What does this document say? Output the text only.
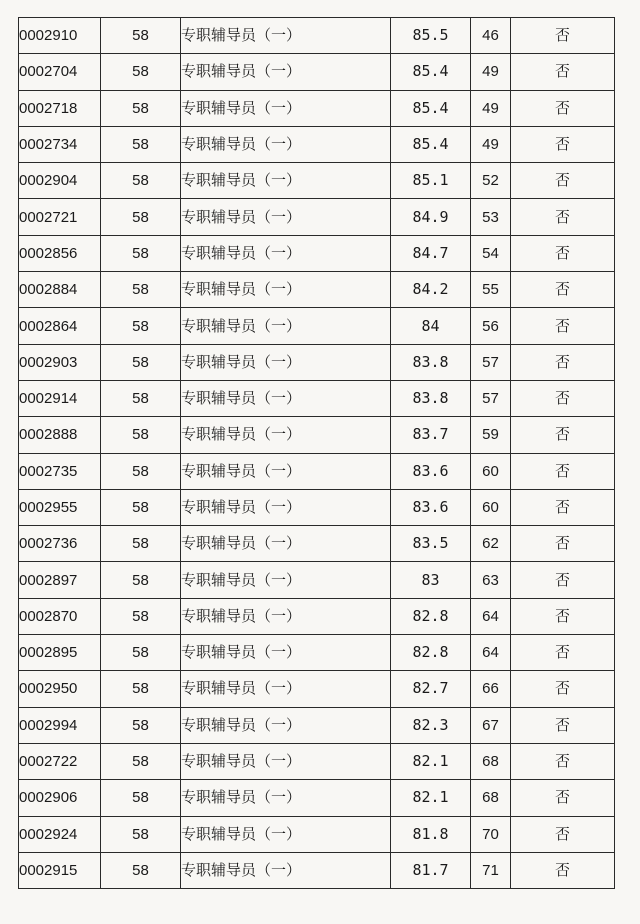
0002910	58	专职辅导员（一）	85.5	46	否
0002704	58	专职辅导员（一）	85.4	49	否
0002718	58	专职辅导员（一）	85.4	49	否
0002734	58	专职辅导员（一）	85.4	49	否
0002904	58	专职辅导员（一）	85.1	52	否
0002721	58	专职辅导员（一）	84.9	53	否
0002856	58	专职辅导员（一）	84.7	54	否
0002884	58	专职辅导员（一）	84.2	55	否
0002864	58	专职辅导员（一）	84	56	否
0002903	58	专职辅导员（一）	83.8	57	否
0002914	58	专职辅导员（一）	83.8	57	否
0002888	58	专职辅导员（一）	83.7	59	否
0002735	58	专职辅导员（一）	83.6	60	否
0002955	58	专职辅导员（一）	83.6	60	否
0002736	58	专职辅导员（一）	83.5	62	否
0002897	58	专职辅导员（一）	83	63	否
0002870	58	专职辅导员（一）	82.8	64	否
0002895	58	专职辅导员（一）	82.8	64	否
0002950	58	专职辅导员（一）	82.7	66	否
0002994	58	专职辅导员（一）	82.3	67	否
0002722	58	专职辅导员（一）	82.1	68	否
0002906	58	专职辅导员（一）	82.1	68	否
0002924	58	专职辅导员（一）	81.8	70	否
0002915	58	专职辅导员（一）	81.7	71	否
